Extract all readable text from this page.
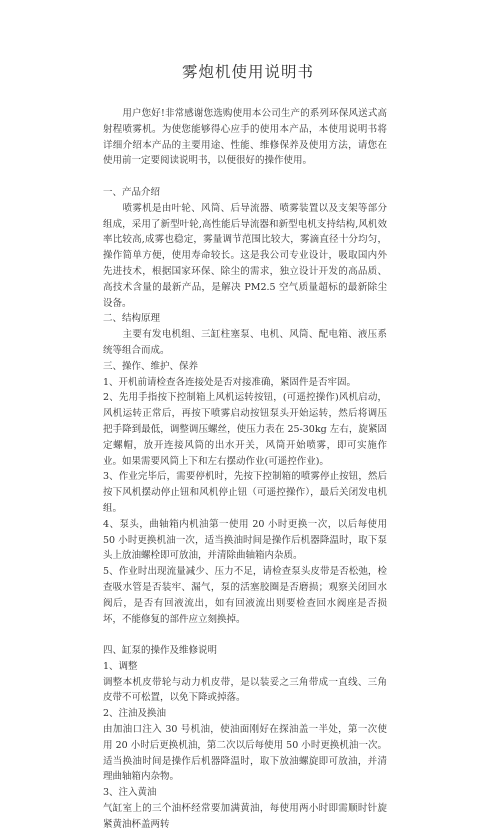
雾炮机使用说明书

　　用户您好!非常感谢您选购使用本公司生产的系列环保风送式高射程喷雾机。为使您能够得心应手的使用本产品，本使用说明书将详细介绍本产品的主要用途、性能、维修保养及使用方法，请您在使用前一定要阅读说明书，以便很好的操作使用。

一、产品介绍

　　喷雾机是由叶轮、风筒、后导流器、喷雾装置以及支架等部分组成，采用了新型叶轮,高性能后导流器和新型电机支持结构,风机效率比较高,成雾也稳定，雾量调节范围比较大，雾滴直径十分均匀，操作简单方便，使用寿命较长。这是我公司专业设计，吸取国内外先进技术，根据国家环保、除尘的需求，独立设计开发的高品质、高技术含量的最新产品，是解决 PM2.5 空气质量超标的最新除尘设备。

二、结构原理

　　主要有发电机组、三缸柱塞泵、电机、风筒、配电箱、液压系统等组合而成。

三、操作、维护、保养

1、开机前请检查各连接处是否对接准确，紧固件是否牢固。

2、先用手指按下控制箱上风机运转按钮，(可遥控操作)风机启动，风机运转正常后，再按下喷雾启动按钮泵头开始运转，然后将调压把手降到最低，调整调压螺丝，使压力表在 25-30kg 左右，旋紧固定螺帽，放开连接风筒的出水开关，风筒开始喷雾，即可实施作业。如果需要风筒上下和左右摆动作业(可遥控作业)。

3、作业完毕后，需要停机时，先按下控制箱的喷雾停止按钮，然后按下风机摆动停止钮和风机停止钮（可遥控操作），最后关闭发电机组。

4、泵头，曲轴箱内机油第一使用 20 小时更换一次，以后每使用 50 小时更换机油一次，适当换油时间是操作后机器降温时，取下泵头上放油螺栓即可放油，并清除曲轴箱内杂质。

5、作业时出现流量减少、压力不足，请检查泵头皮带是否松弛，检查吸水管是否装牢、漏气，泵的活塞胶圈是否磨损；观察关闭回水阀后，是否有回液流出，如有回液流出则要检查回水阀座是否损坏，不能修复的部件应立刻换掉。

四、缸泵的操作及维修说明

1、调整

调整本机皮带轮与动力机皮带，是以装妥之三角带成一直线、三角皮带不可松置，以免下降或掉落。

2、注油及换油

由加油口注入 30 号机油，使油面刚好在探油盖一半处，第一次使用 20 小时后更换机油，第二次以后每使用 50 小时更换机油一次。适当换油时间是操作后机器降温时，取下放油螺旋即可放油，并清理曲轴箱内杂物。

3、注入黄油

气缸室上的三个油杯经常要加满黄油，每使用两小时即需顺时针旋紧黄油杯盖两转
